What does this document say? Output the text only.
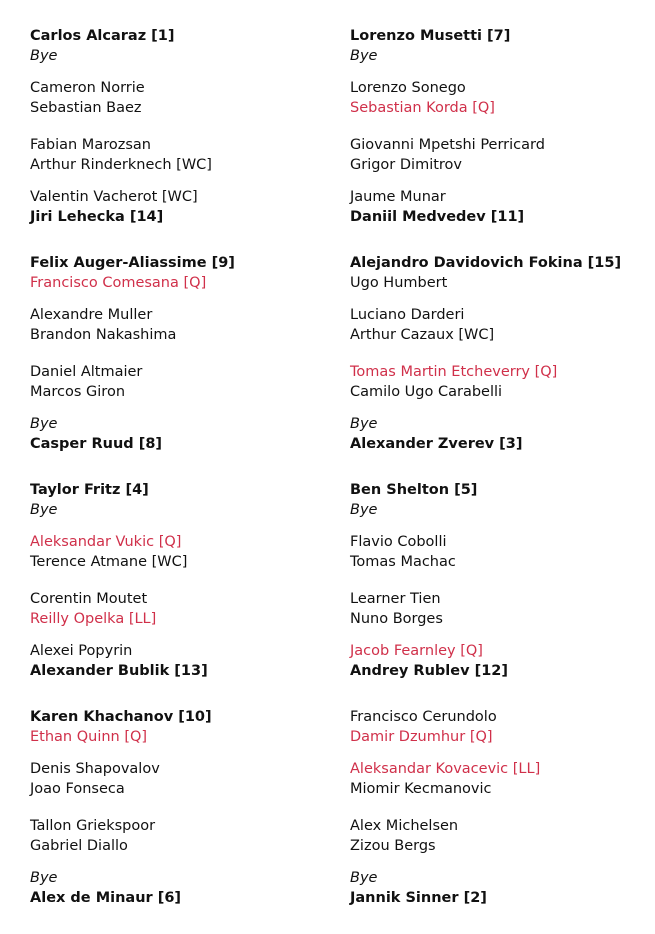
Carlos Alcaraz [1]
Bye
Cameron Norrie
Sebastian Baez
Fabian Marozsan
Arthur Rinderknech [WC]
Valentin Vacherot [WC]
Jiri Lehecka [14]
Felix Auger-Aliassime [9]
Francisco Comesana [Q]
Alexandre Muller
Brandon Nakashima
Daniel Altmaier
Marcos Giron
Bye
Casper Ruud [8]
Taylor Fritz [4]
Bye
Aleksandar Vukic [Q]
Terence Atmane [WC]
Corentin Moutet
Reilly Opelka [LL]
Alexei Popyrin
Alexander Bublik [13]
Karen Khachanov [10]
Ethan Quinn [Q]
Denis Shapovalov
Joao Fonseca
Tallon Griekspoor
Gabriel Diallo
Bye
Alex de Minaur [6]
Lorenzo Musetti [7]
Bye
Lorenzo Sonego
Sebastian Korda [Q]
Giovanni Mpetshi Perricard
Grigor Dimitrov
Jaume Munar
Daniil Medvedev [11]
Alejandro Davidovich Fokina [15]
Ugo Humbert
Luciano Darderi
Arthur Cazaux [WC]
Tomas Martin Etcheverry [Q]
Camilo Ugo Carabelli
Bye
Alexander Zverev [3]
Ben Shelton [5]
Bye
Flavio Cobolli
Tomas Machac
Learner Tien
Nuno Borges
Jacob Fearnley [Q]
Andrey Rublev [12]
Francisco Cerundolo
Damir Dzumhur [Q]
Aleksandar Kovacevic [LL]
Miomir Kecmanovic
Alex Michelsen
Zizou Bergs
Bye
Jannik Sinner [2]
